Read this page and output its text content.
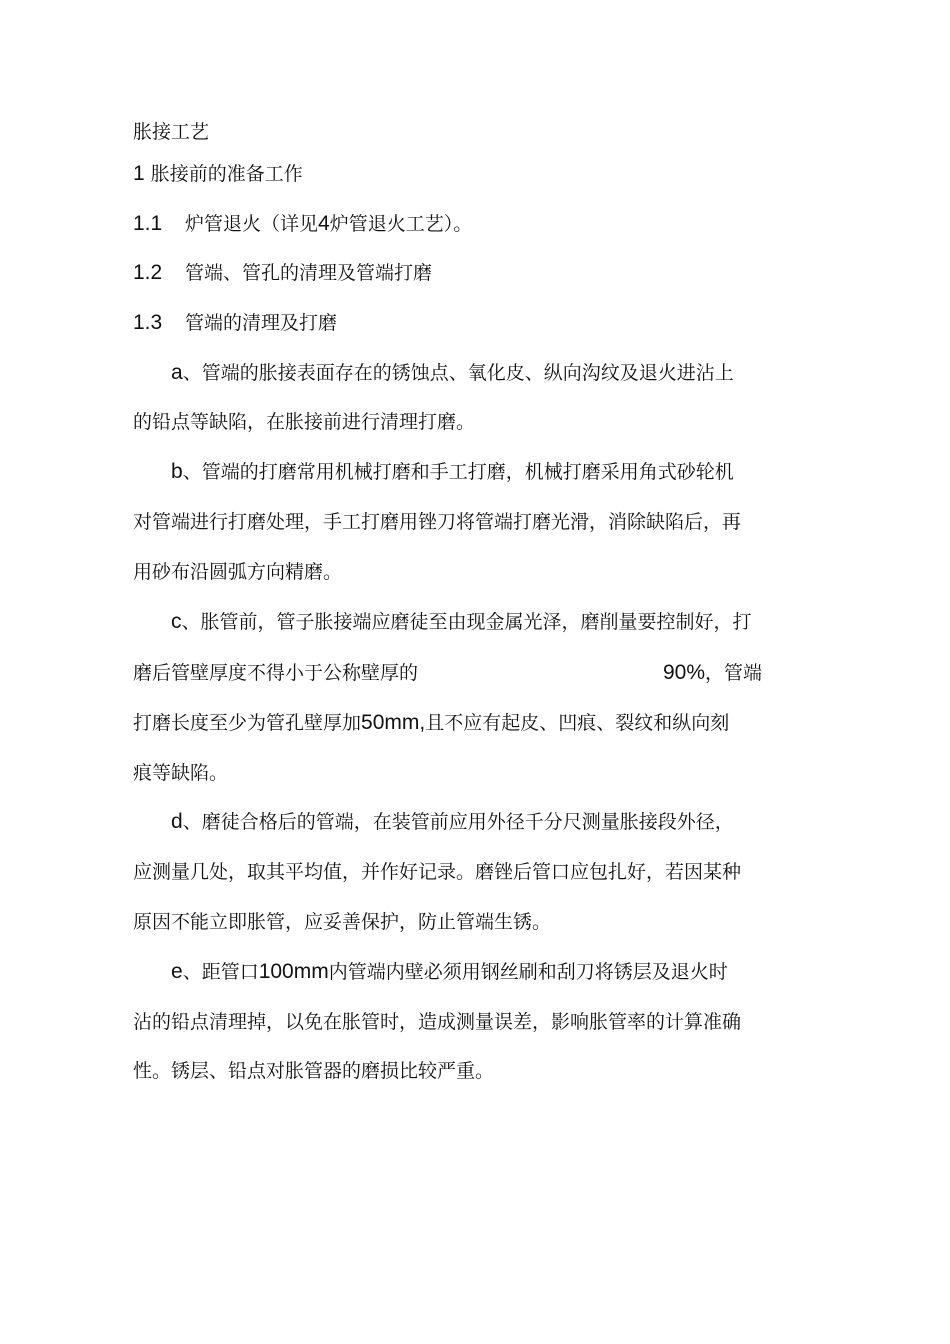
胀接工艺

1 胀接前的准备工作

1.1 炉管退火（详见4炉管退火工艺）。

1.2 管端、管孔的清理及管端打磨

1.3 管端的清理及打磨

a、管端的胀接表面存在的锈蚀点、氧化皮、纵向沟纹及退火进沾上

的铅点等缺陷，在胀接前进行清理打磨。

b、管端的打磨常用机械打磨和手工打磨，机械打磨采用角式砂轮机

对管端进行打磨处理，手工打磨用锉刀将管端打磨光滑，消除缺陷后，再

用砂布沿圆弧方向精磨。

c、胀管前，管子胀接端应磨徒至由现金属光泽，磨削量要控制好，打

磨后管壁厚度不得小于公称壁厚的	90%，管端

打磨长度至少为管孔壁厚加50mm,且不应有起皮、凹痕、裂纹和纵向刻

痕等缺陷。

d、磨徒合格后的管端，在装管前应用外径千分尺测量胀接段外径，

应测量几处，取其平均值，并作好记录。磨锉后管口应包扎好，若因某种

原因不能立即胀管，应妥善保护，防止管端生锈。

e、距管口100mm内管端内壁必须用钢丝刷和刮刀将锈层及退火时

沾的铅点清理掉，以免在胀管时，造成测量误差，影响胀管率的计算准确

性。锈层、铅点对胀管器的磨损比较严重。
